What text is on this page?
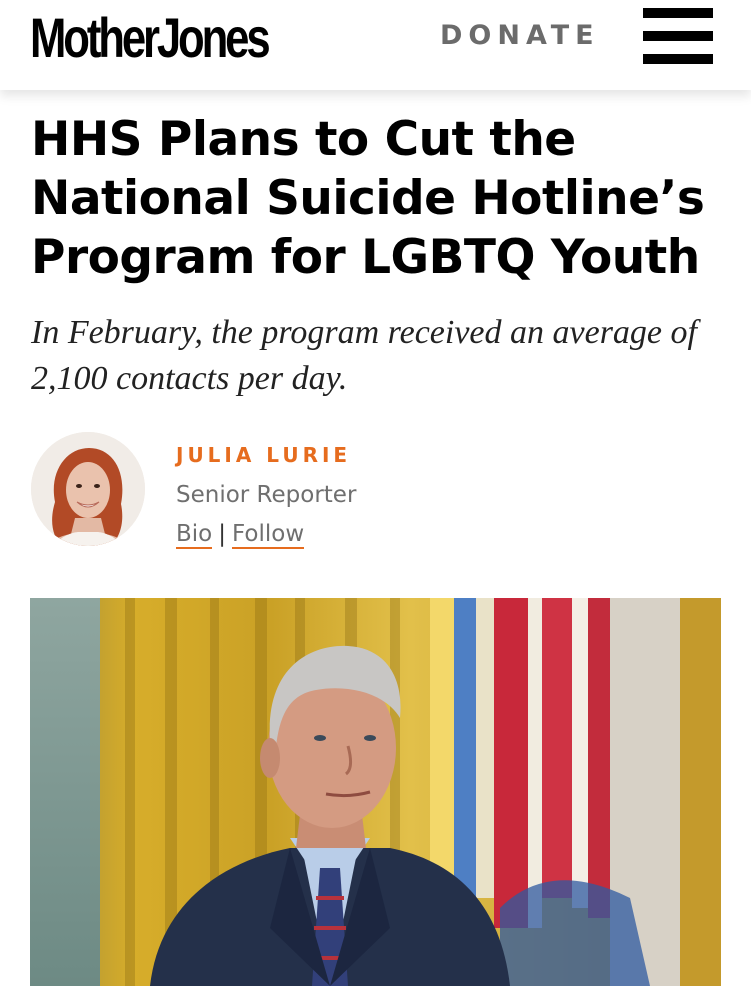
MotherJones	DONATE
HHS Plans to Cut the
National Suicide Hotline’s
Program for LGBTQ Youth
In February, the program received an average of
2,100 contacts per day.
JULIA LURIE
Senior Reporter
Bio | Follow
